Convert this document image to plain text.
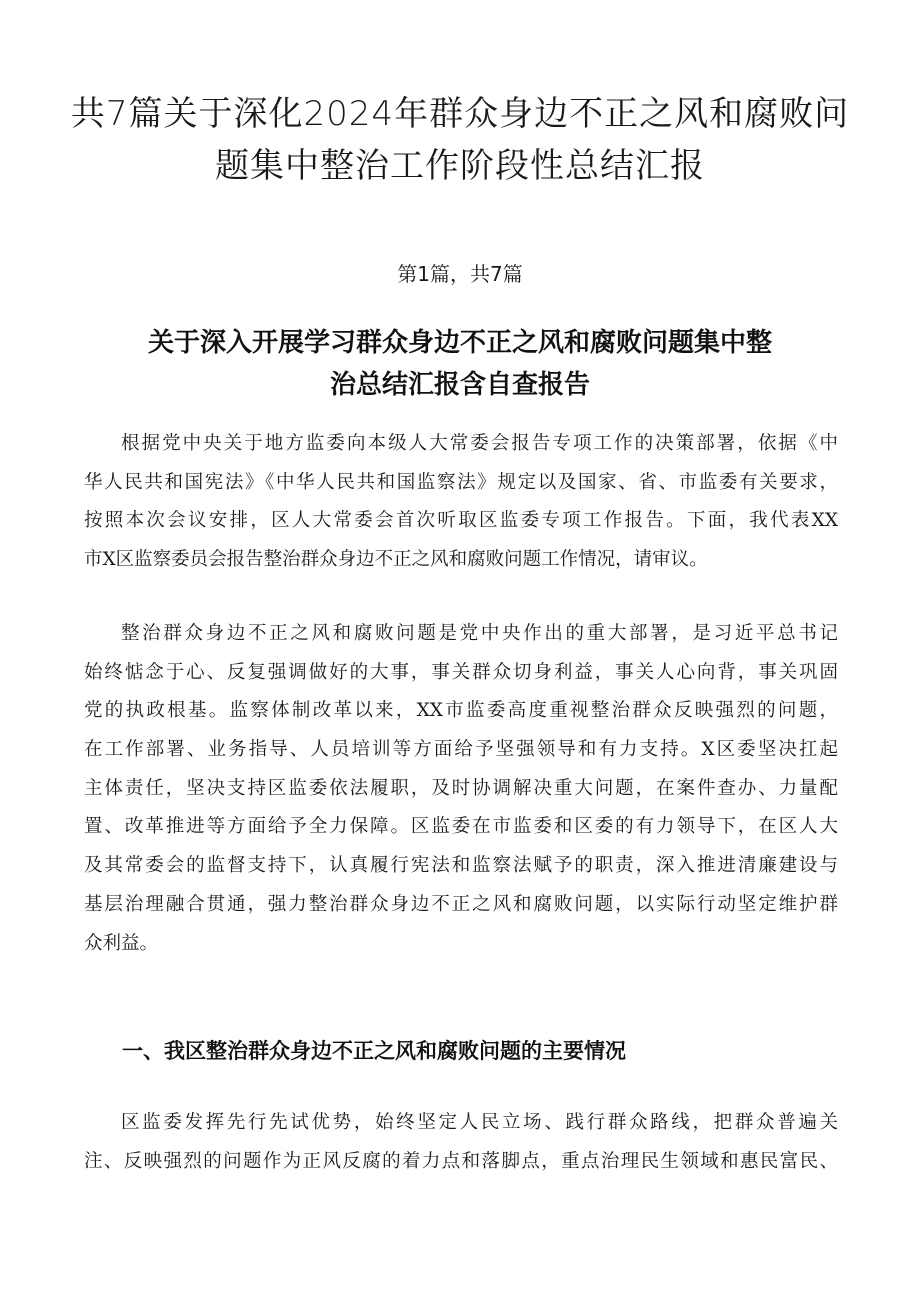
共7篇关于深化2024年群众身边不正之风和腐败问
题集中整治工作阶段性总结汇报
第1篇，共7篇
关于深入开展学习群众身边不正之风和腐败问题集中整
治总结汇报含自查报告
根据党中央关于地方监委向本级人大常委会报告专项工作的决策部署，依据《中
华人民共和国宪法》《中华人民共和国监察法》规定以及国家、省、市监委有关要求，
按照本次会议安排，区人大常委会首次听取区监委专项工作报告。下面，我代表XX
市X区监察委员会报告整治群众身边不正之风和腐败问题工作情况，请审议。
整治群众身边不正之风和腐败问题是党中央作出的重大部署，是习近平总书记
始终惦念于心、反复强调做好的大事，事关群众切身利益，事关人心向背，事关巩固
党的执政根基。监察体制改革以来，XX市监委高度重视整治群众反映强烈的问题，
在工作部署、业务指导、人员培训等方面给予坚强领导和有力支持。X区委坚决扛起
主体责任，坚决支持区监委依法履职，及时协调解决重大问题，在案件查办、力量配
置、改革推进等方面给予全力保障。区监委在市监委和区委的有力领导下，在区人大
及其常委会的监督支持下，认真履行宪法和监察法赋予的职责，深入推进清廉建设与
基层治理融合贯通，强力整治群众身边不正之风和腐败问题，以实际行动坚定维护群
众利益。
一、我区整治群众身边不正之风和腐败问题的主要情况
区监委发挥先行先试优势，始终坚定人民立场、践行群众路线，把群众普遍关
注、反映强烈的问题作为正风反腐的着力点和落脚点，重点治理民生领域和惠民富民、
